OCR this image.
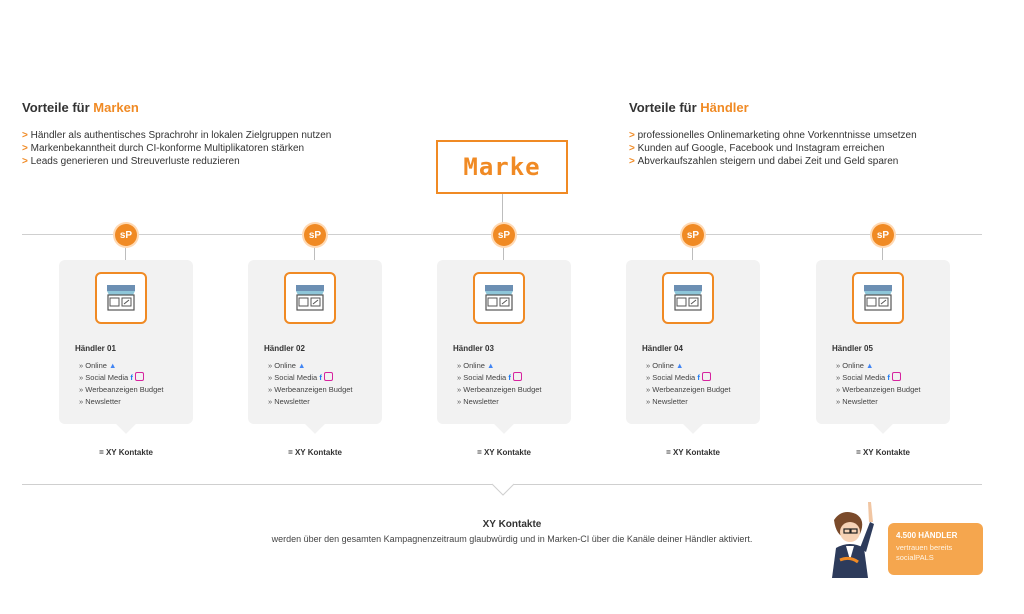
Vorteile für Marken
> Händler als authentisches Sprachrohr in lokalen Zielgruppen nutzen
> Markenbekanntheit durch CI-konforme Multiplikatoren stärken
> Leads generieren und Streuverluste reduzieren
Vorteile für Händler
> professionelles Onlinemarketing ohne Vorkenntnisse umsetzen
> Kunden auf Google, Facebook und Instagram erreichen
> Abverkaufszahlen steigern und dabei Zeit und Geld sparen
Marke
sP
Händler 01
» Online ▲
» Social Media f
» Werbeanzeigen Budget
» Newsletter
= XY Kontakte
sP
Händler 02
» Online ▲
» Social Media f
» Werbeanzeigen Budget
» Newsletter
= XY Kontakte
sP
Händler 03
» Online ▲
» Social Media f
» Werbeanzeigen Budget
» Newsletter
= XY Kontakte
sP
Händler 04
» Online ▲
» Social Media f
» Werbeanzeigen Budget
» Newsletter
= XY Kontakte
sP
Händler 05
» Online ▲
» Social Media f
» Werbeanzeigen Budget
» Newsletter
= XY Kontakte
XY Kontakte
werden über den gesamten Kampagnenzeitraum glaubwürdig und in Marken-CI über die Kanäle deiner Händler aktiviert.	4.500 HÄNDLER
vertrauen bereits
socialPALS
